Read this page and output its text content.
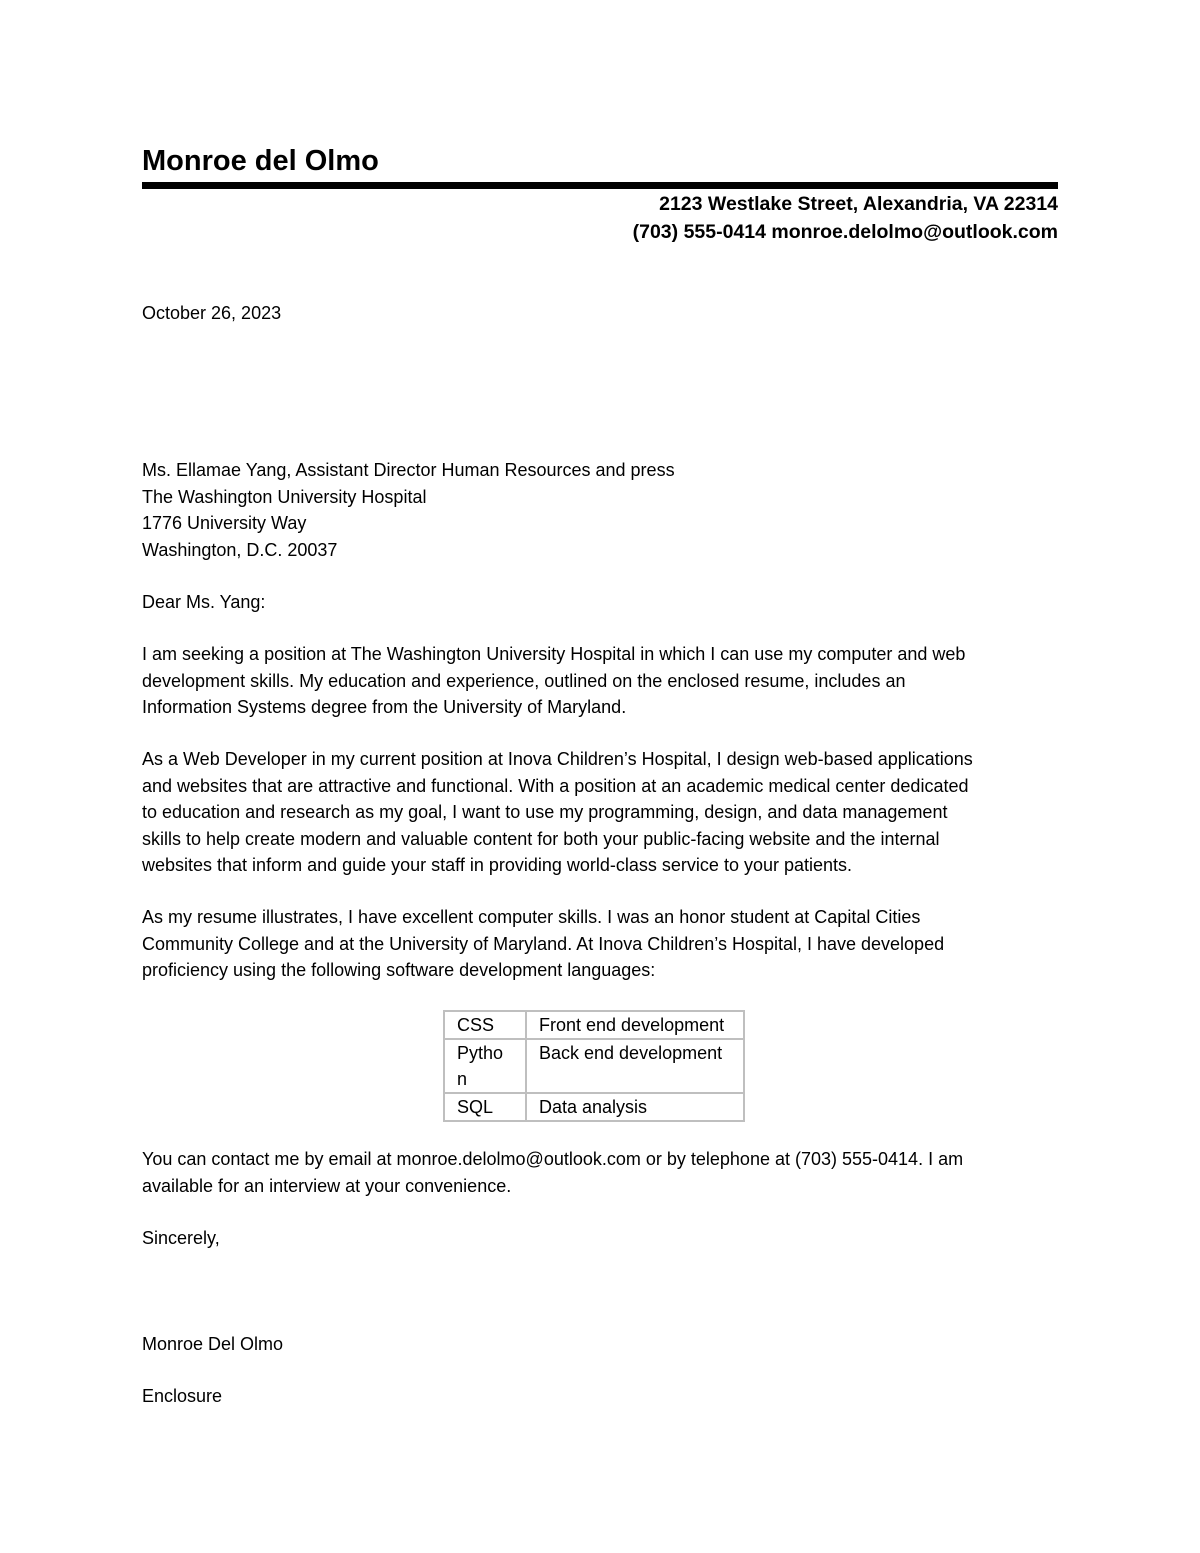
Monroe del Olmo
2123 Westlake Street, Alexandria, VA 22314
(703) 555-0414 monroe.delolmo@outlook.com
October 26, 2023
Ms. Ellamae Yang, Assistant Director Human Resources and press
The Washington University Hospital
1776 University Way
Washington, D.C. 20037
Dear Ms. Yang:
I am seeking a position at The Washington University Hospital in which I can use my computer and web
development skills. My education and experience, outlined on the enclosed resume, includes an
Information Systems degree from the University of Maryland.
As a Web Developer in my current position at Inova Children’s Hospital, I design web-based applications
and websites that are attractive and functional. With a position at an academic medical center dedicated
to education and research as my goal, I want to use my programming, design, and data management
skills to help create modern and valuable content for both your public-facing website and the internal
websites that inform and guide your staff in providing world-class service to your patients.
As my resume illustrates, I have excellent computer skills. I was an honor student at Capital Cities
Community College and at the University of Maryland. At Inova Children’s Hospital, I have developed
proficiency using the following software development languages:
CSS	Front end development
Pytho n	Back end development
SQL	Data analysis
You can contact me by email at monroe.delolmo@outlook.com or by telephone at (703) 555-0414. I am
available for an interview at your convenience.
Sincerely,
Monroe Del Olmo
Enclosure
